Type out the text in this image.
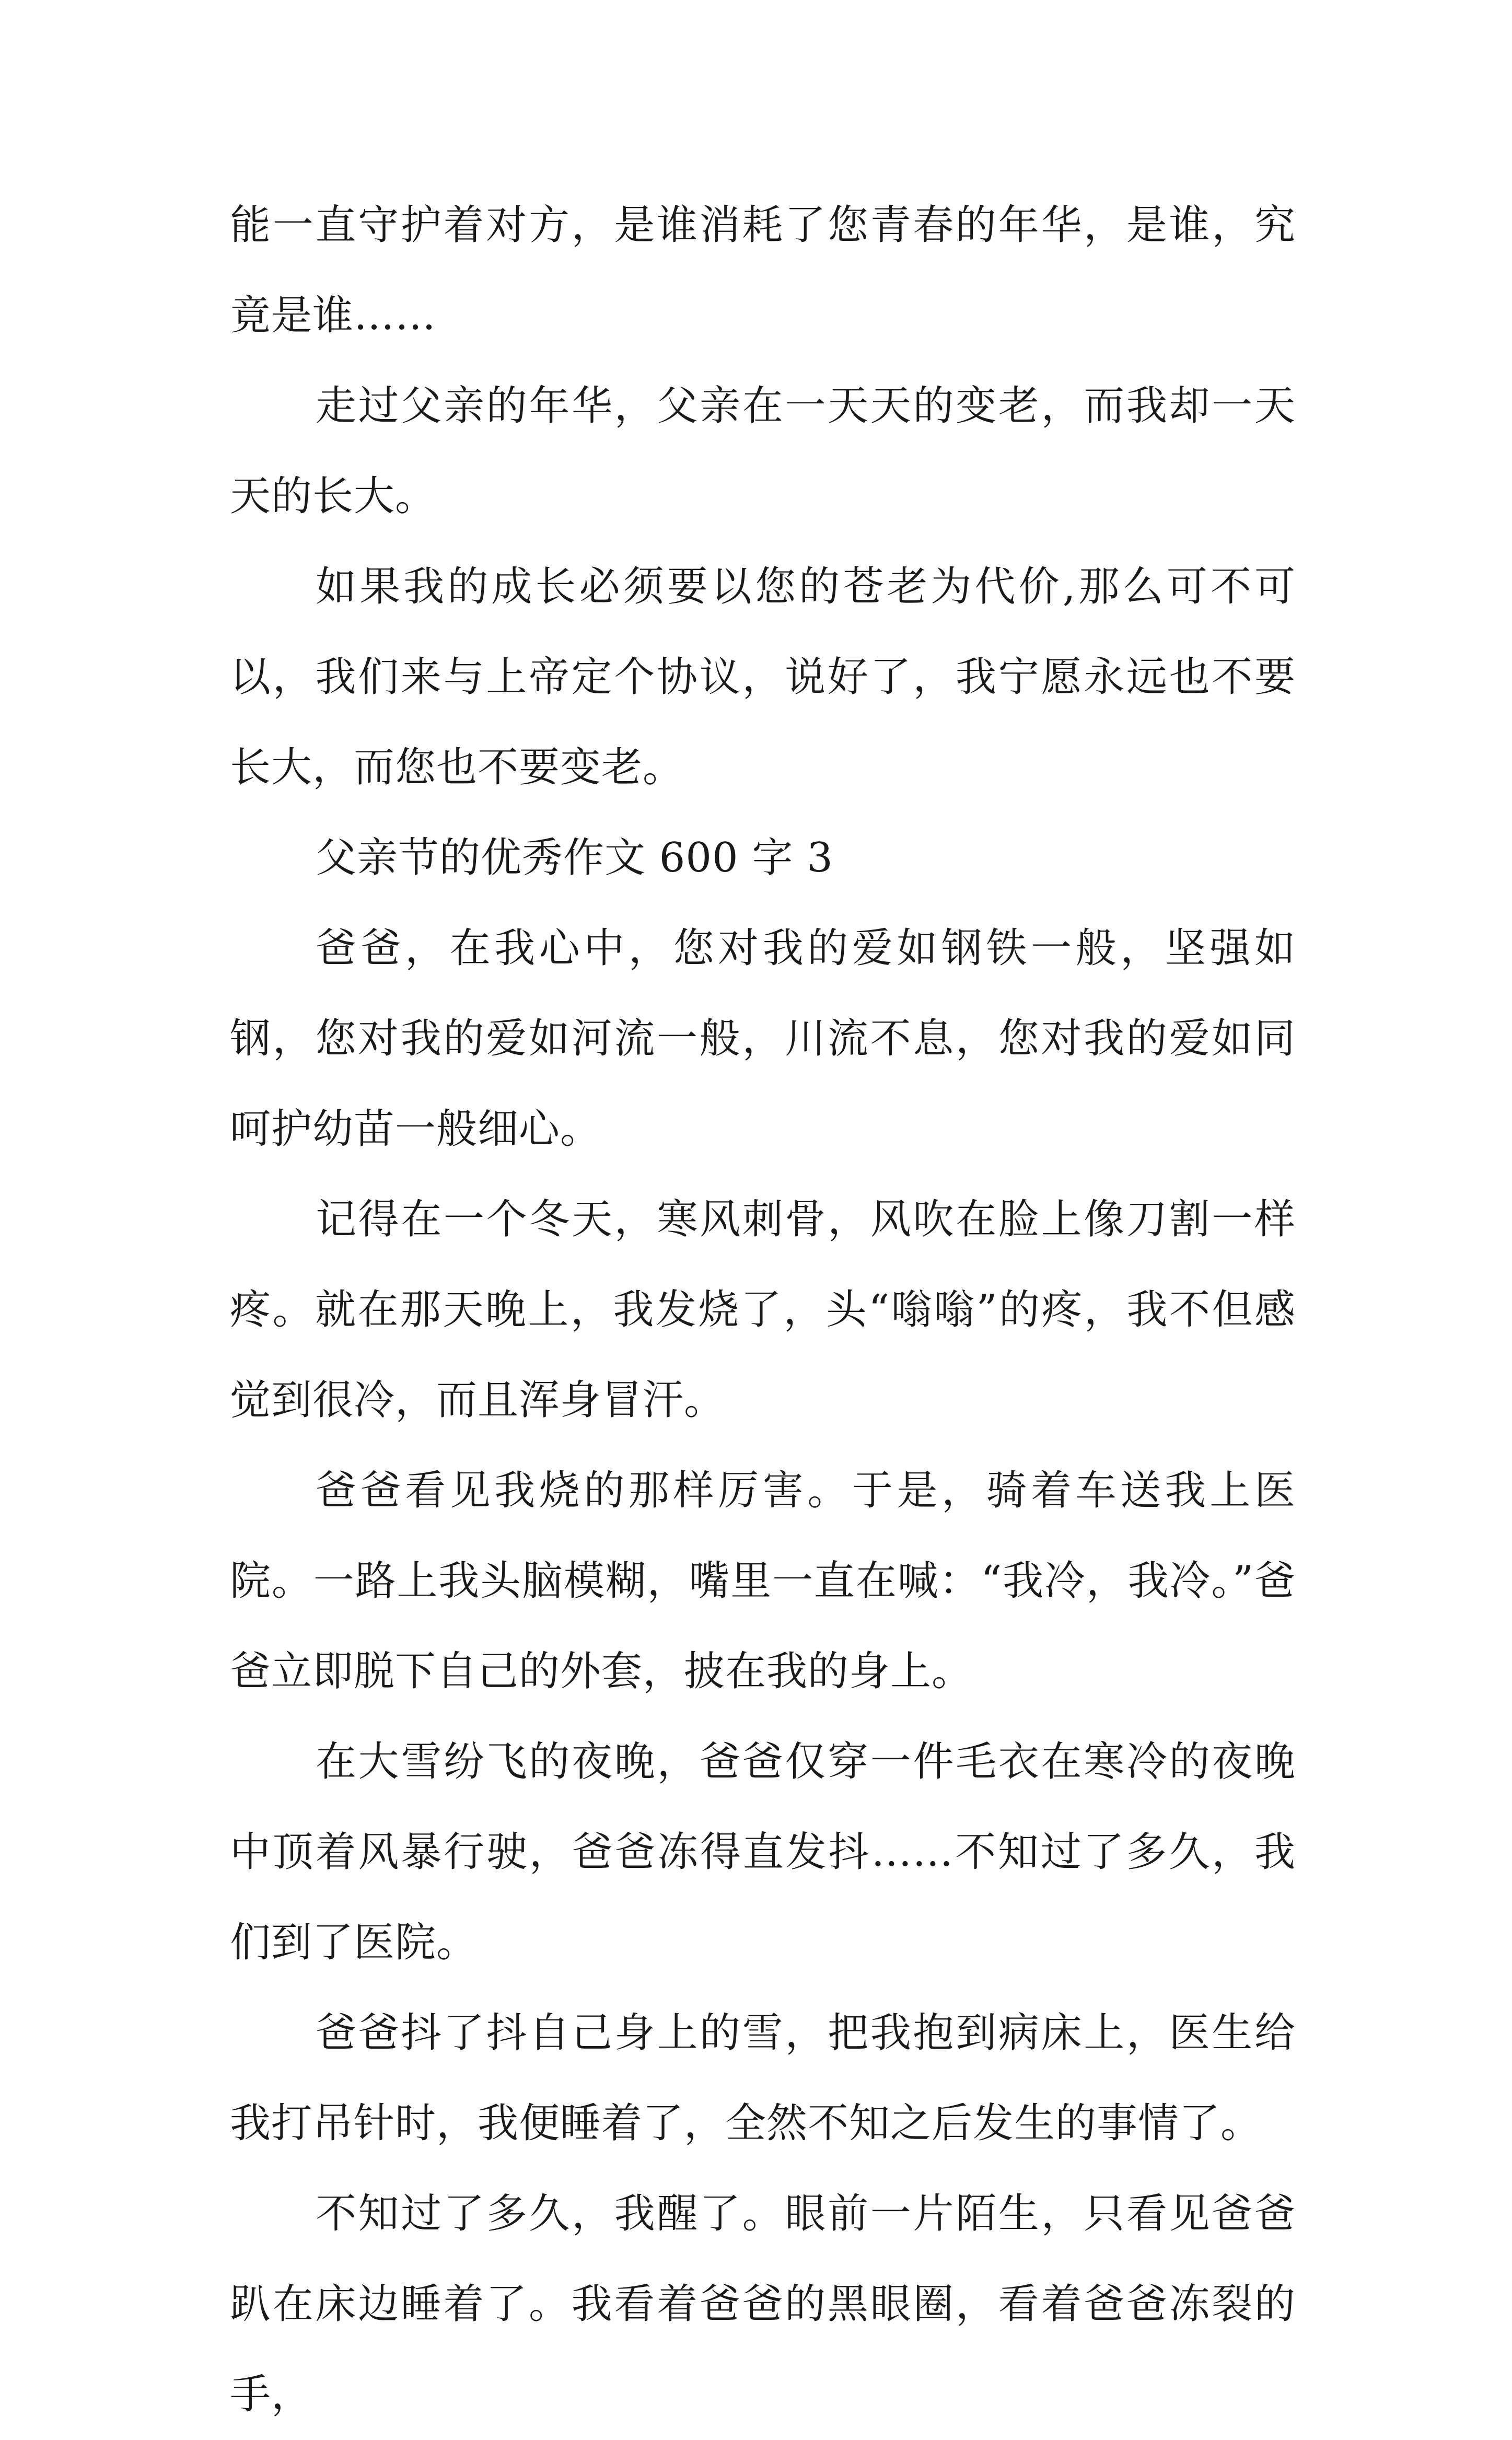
能一直守护着对方，是谁消耗了您青春的年华，是谁，究竟是谁……

走过父亲的年华，父亲在一天天的变老，而我却一天天的长大。

如果我的成长必须要以您的苍老为代价,那么可不可以，我们来与上帝定个协议，说好了，我宁愿永远也不要长大，而您也不要变老。

父亲节的优秀作文 600 字 3

爸爸，在我心中，您对我的爱如钢铁一般，坚强如钢，您对我的爱如河流一般，川流不息，您对我的爱如同呵护幼苗一般细心。

记得在一个冬天，寒风刺骨，风吹在脸上像刀割一样疼。就在那天晚上，我发烧了，头“嗡嗡”的疼，我不但感觉到很冷，而且浑身冒汗。

爸爸看见我烧的那样厉害。于是，骑着车送我上医院。一路上我头脑模糊，嘴里一直在喊：“我冷，我冷。”爸爸立即脱下自己的外套，披在我的身上。

在大雪纷飞的夜晚，爸爸仅穿一件毛衣在寒冷的夜晚中顶着风暴行驶，爸爸冻得直发抖……不知过了多久，我们到了医院。

爸爸抖了抖自己身上的雪，把我抱到病床上，医生给我打吊针时，我便睡着了，全然不知之后发生的事情了。

不知过了多久，我醒了。眼前一片陌生，只看见爸爸趴在床边睡着了。我看着爸爸的黑眼圈，看着爸爸冻裂的手，
